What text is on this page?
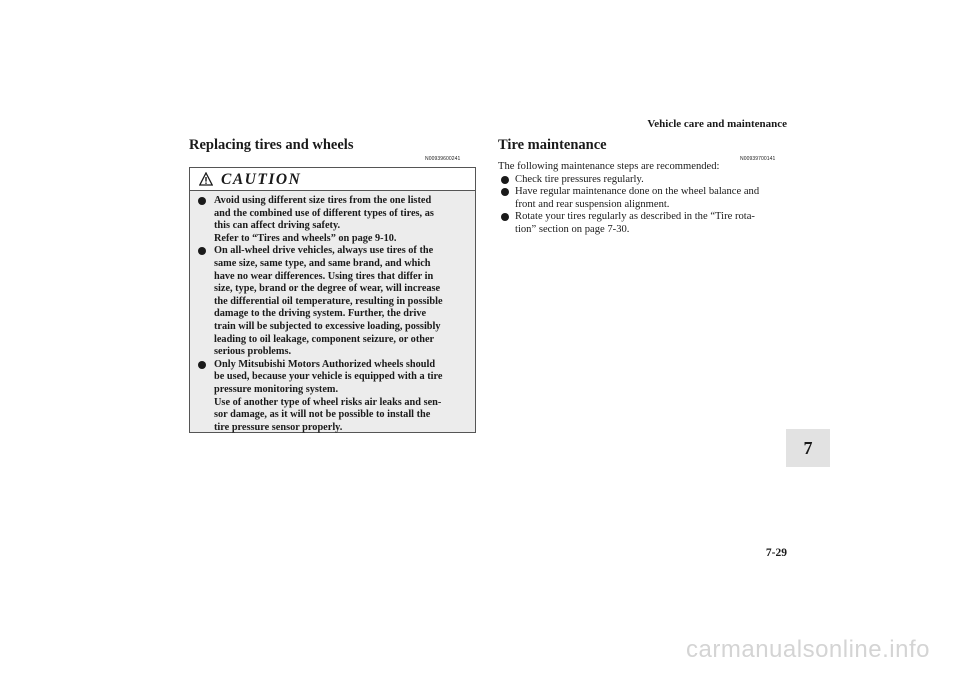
Vehicle care and maintenance
Replacing tires and wheels
N00939600241
CAUTION
Avoid using different size tires from the one listed
and the combined use of different types of tires, as
this can affect driving safety.
Refer to “Tires and wheels” on page 9-10.
On all-wheel drive vehicles, always use tires of the
same size, same type, and same brand, and which
have no wear differences. Using tires that differ in
size, type, brand or the degree of wear, will increase
the differential oil temperature, resulting in possible
damage to the driving system. Further, the drive
train will be subjected to excessive loading, possibly
leading to oil leakage, component seizure, or other
serious problems.
Only Mitsubishi Motors Authorized wheels should
be used, because your vehicle is equipped with a tire
pressure monitoring system.
Use of another type of wheel risks air leaks and sen-
sor damage, as it will not be possible to install the
tire pressure sensor properly.
Tire maintenance
N00939700141
The following maintenance steps are recommended:
Check tire pressures regularly.
Have regular maintenance done on the wheel balance and
front and rear suspension alignment.
Rotate your tires regularly as described in the “Tire rota-
tion” section on page 7-30.
7
7-29
carmanualsonline.info
